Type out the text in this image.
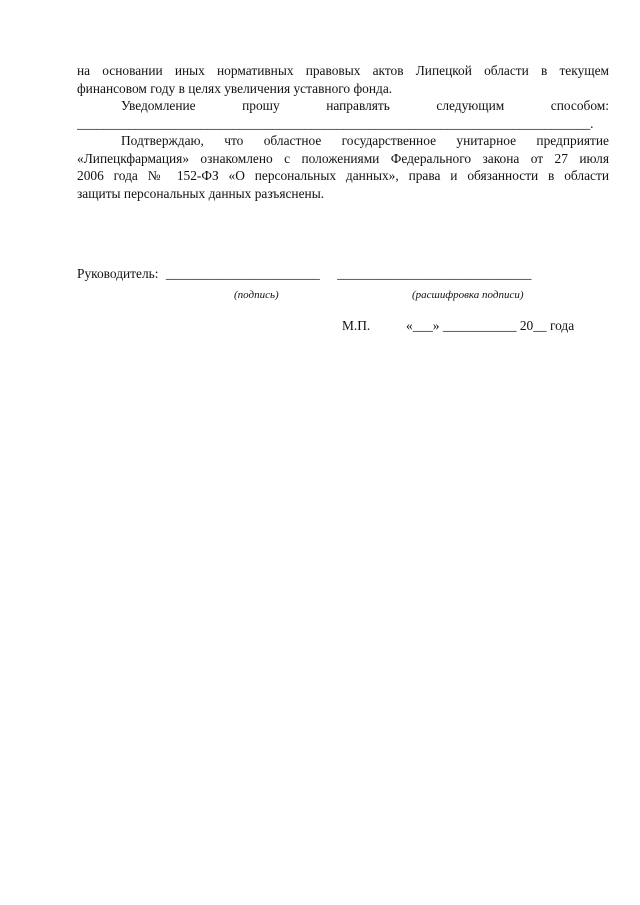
на основании иных нормативных правовых актов Липецкой области в текущем
финансовом году в целях увеличения уставного фонда.
Уведомление прошу направлять следующим способом:
_______________________________________________________________________________.
Подтверждаю, что областное государственное унитарное предприятие
«Липецкфармация» ознакомлено с положениями Федерального закона от 27 июля
2006 года № 152-ФЗ «О персональных данных», права и обязанности в области
защиты персональных данных разъяснены.
Руководитель: _______________________ _____________________________
(подпись)	(расшифровка подписи)
М.П.	«___» ___________ 20__ года
